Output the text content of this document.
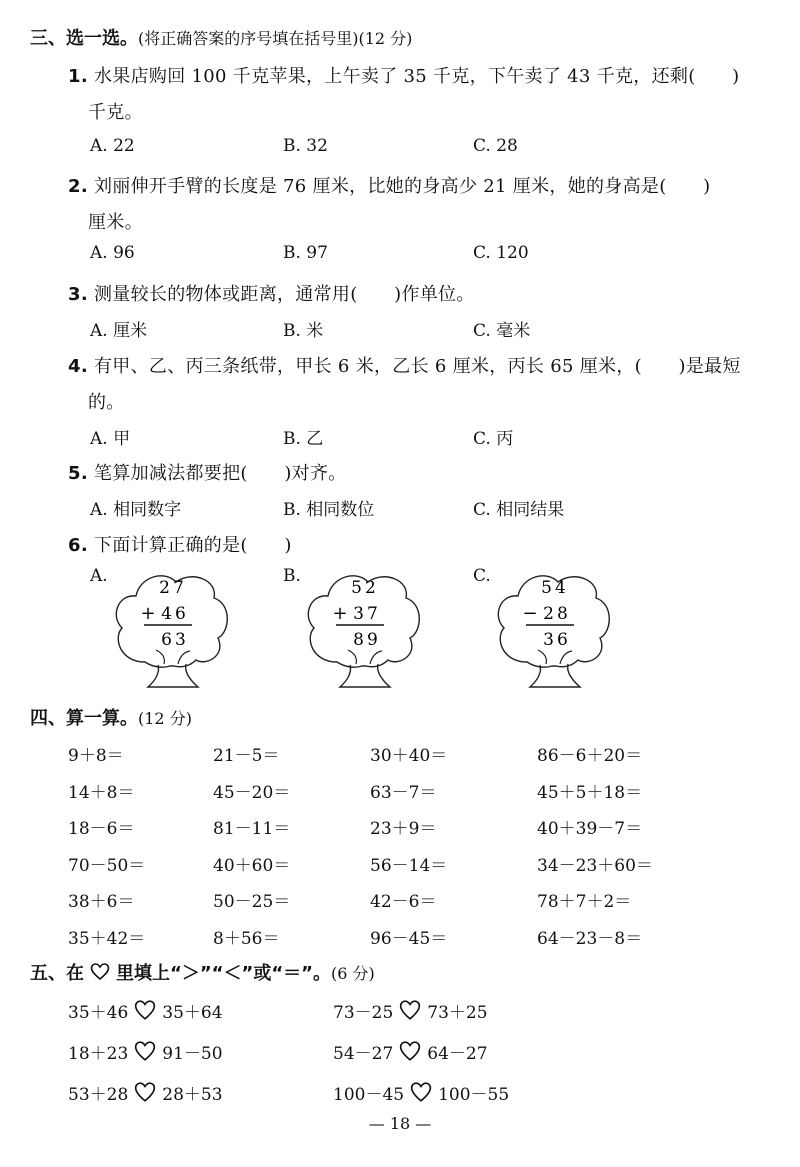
三、选一选。(将正确答案的序号填在括号里)(12 分)
1. 水果店购回 100 千克苹果，上午卖了 35 千克，下午卖了 43 千克，还剩(　　)
千克。
A. 22	B. 32	C. 28
2. 刘丽伸开手臂的长度是 76 厘米，比她的身高少 21 厘米，她的身高是(　　)
厘米。
A. 96	B. 97	C. 120
3. 测量较长的物体或距离，通常用(　　)作单位。
A. 厘米	B. 米	C. 毫米
4. 有甲、乙、丙三条纸带，甲长 6 米，乙长 6 厘米，丙长 65 厘米，(　　)是最短
的。
A. 甲	B. 乙	C. 丙
5. 笔算加减法都要把(　　)对齐。
A. 相同数字	B. 相同数位	C. 相同结果
6. 下面计算正确的是(　　)
A.	B.	C.
27
+ 46
63
52
+ 37
89
54
− 28
36
四、算一算。(12 分)
9＋8＝	21－5＝	30＋40＝	86－6＋20＝
14＋8＝	45－20＝	63－7＝	45＋5＋18＝
18－6＝	81－11＝	23＋9＝	40＋39－7＝
70－50＝	40＋60＝	56－14＝	34－23＋60＝
38＋6＝	50－25＝	42－6＝	78＋7＋2＝
35＋42＝	8＋56＝	96－45＝	64－23－8＝
五、在 里填上“＞”“＜”或“＝”。(6 分)
35＋46 35＋64	73－25 73＋25
18＋23 91－50	54－27 64－27
53＋28 28＋53	100－45 100－55
— 18 —
